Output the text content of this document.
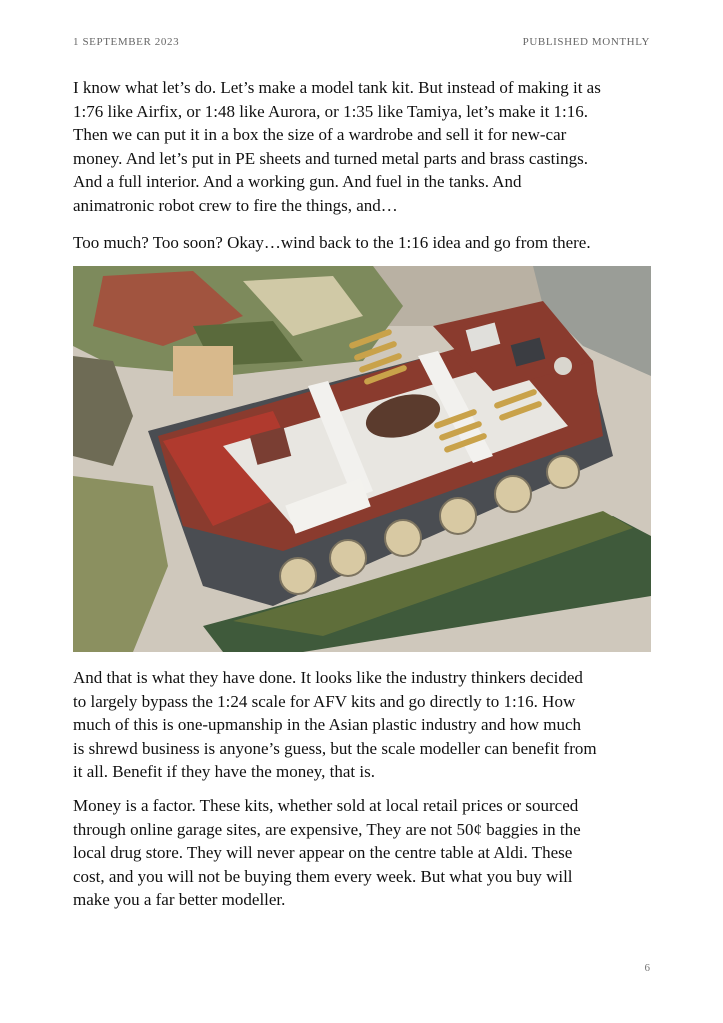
1 SEPTEMBER 2023	PUBLISHED MONTHLY

I know what let’s do. Let’s make a model tank kit. But instead of making it as
1:76 like Airfix, or 1:48 like Aurora, or 1:35 like Tamiya, let’s make it 1:16.
Then we can put it in a box the size of a wardrobe and sell it for new-car
money. And let’s put in PE sheets and turned metal parts and brass castings.
And a full interior. And a working gun. And fuel in the tanks. And
animatronic robot crew to fire the things, and…

Too much? Too soon? Okay…wind back to the 1:16 idea and go from there.

And that is what they have done. It looks like the industry thinkers decided
to largely bypass the 1:24 scale for AFV kits and go directly to 1:16. How
much of this is one-upmanship in the Asian plastic industry and how much
is shrewd business is anyone’s guess, but the scale modeller can benefit from
it all. Benefit if they have the money, that is.

Money is a factor. These kits, whether sold at local retail prices or sourced
through online garage sites, are expensive, They are not 50¢ baggies in the
local drug store. They will never appear on the centre table at Aldi. These
cost, and you will not be buying them every week. But what you buy will
make you a far better modeller.

6
